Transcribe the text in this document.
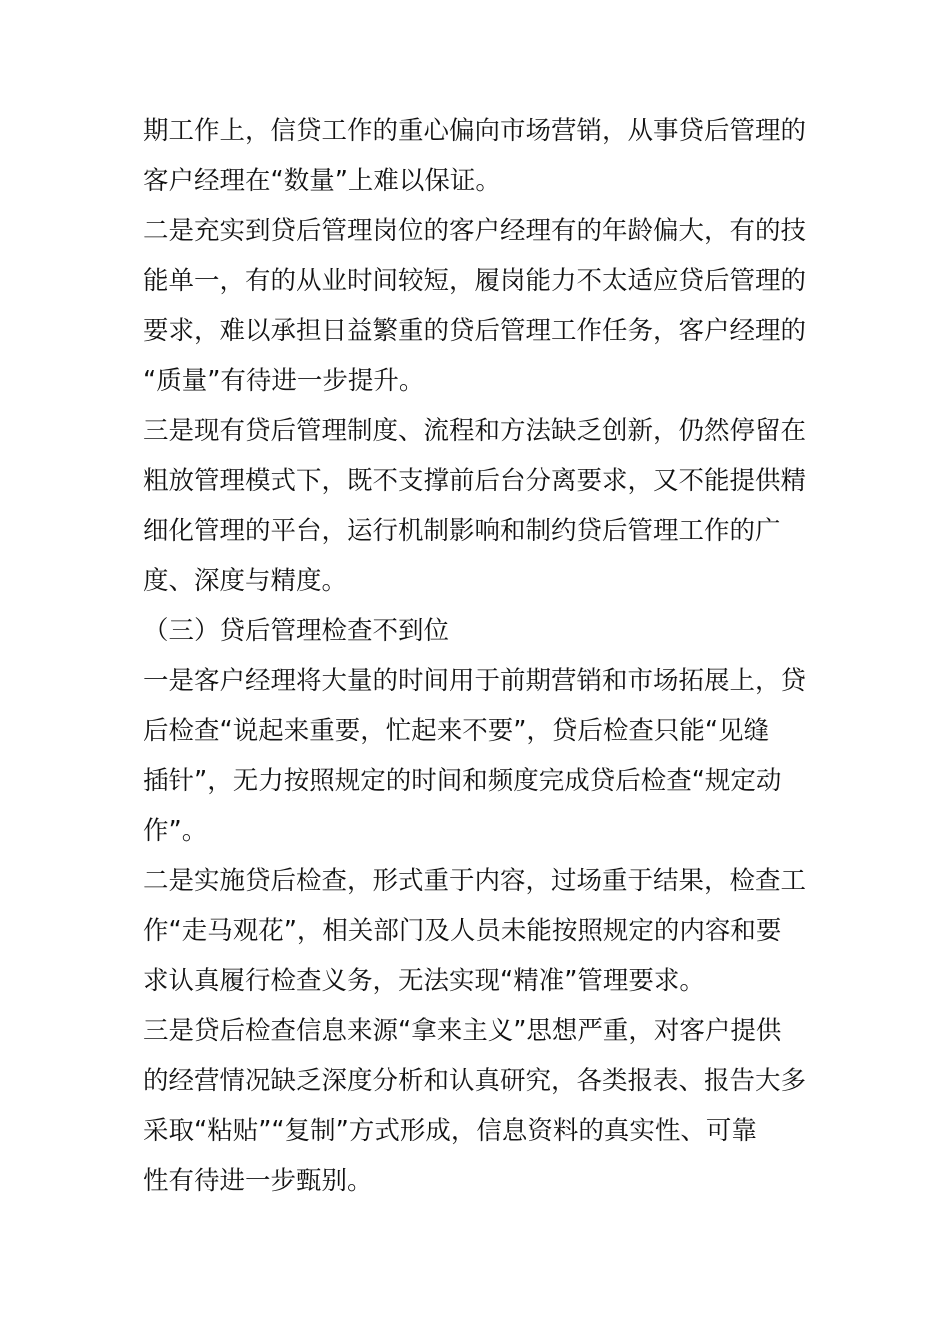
期工作上，信贷工作的重心偏向市场营销，从事贷后管理的
客户经理在“数量”上难以保证。
二是充实到贷后管理岗位的客户经理有的年龄偏大，有的技
能单一，有的从业时间较短，履岗能力不太适应贷后管理的
要求，难以承担日益繁重的贷后管理工作任务，客户经理的
“质量”有待进一步提升。
三是现有贷后管理制度、流程和方法缺乏创新，仍然停留在
粗放管理模式下，既不支撑前后台分离要求，又不能提供精
细化管理的平台，运行机制影响和制约贷后管理工作的广
度、深度与精度。
（三）贷后管理检查不到位
一是客户经理将大量的时间用于前期营销和市场拓展上，贷
后检查“说起来重要，忙起来不要”，贷后检查只能“见缝
插针”，无力按照规定的时间和频度完成贷后检查“规定动
作”。
二是实施贷后检查，形式重于内容，过场重于结果，检查工
作“走马观花”，相关部门及人员未能按照规定的内容和要
求认真履行检查义务，无法实现“精准”管理要求。
三是贷后检查信息来源“拿来主义”思想严重，对客户提供
的经营情况缺乏深度分析和认真研究，各类报表、报告大多
采取“粘贴”“复制”方式形成，信息资料的真实性、可靠
性有待进一步甄别。
